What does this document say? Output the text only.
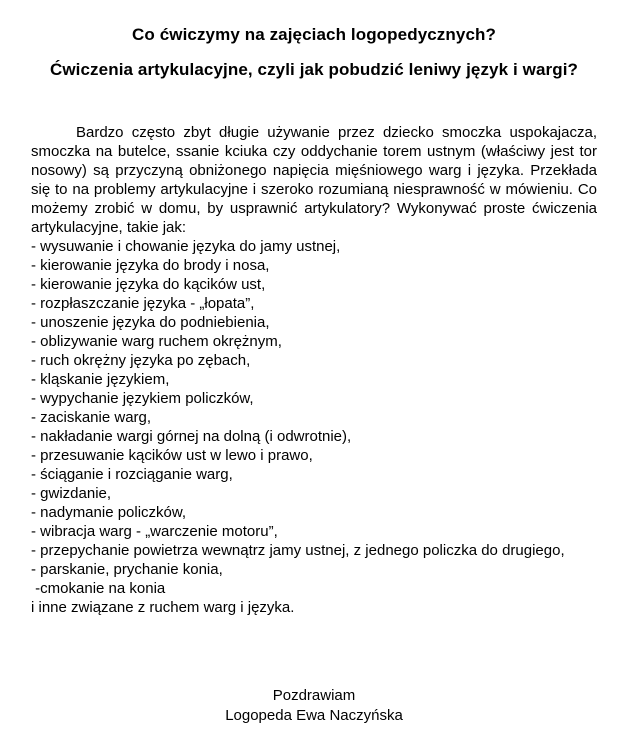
Co ćwiczymy na zajęciach logopedycznych?
Ćwiczenia artykulacyjne, czyli jak pobudzić leniwy język i wargi?

Bardzo często zbyt długie używanie przez dziecko smoczka uspokajacza, smoczka na butelce, ssanie kciuka czy oddychanie torem ustnym (właściwy jest tor nosowy) są przyczyną obniżonego napięcia mięśniowego warg i języka. Przekłada się to na problemy artykulacyjne i szeroko rozumianą niesprawność w mówieniu. Co możemy zrobić w domu, by usprawnić artykulatory? Wykonywać proste ćwiczenia artykulacyjne, takie jak:

- wysuwanie i chowanie języka do jamy ustnej,
- kierowanie języka do brody i nosa,
- kierowanie języka do kącików ust,
- rozpłaszczanie języka - „łopata”,
- unoszenie języka do podniebienia,
- oblizywanie warg ruchem okrężnym,
- ruch okrężny języka po zębach,
- kląskanie językiem,
- wypychanie językiem policzków,
- zaciskanie warg,
- nakładanie wargi górnej na dolną (i odwrotnie),
- przesuwanie kącików ust w lewo i prawo,
- ściąganie i rozciąganie warg,
- gwizdanie,
- nadymanie policzków,
- wibracja warg - „warczenie motoru”,
- przepychanie powietrza wewnątrz jamy ustnej, z jednego policzka do drugiego,
- parskanie, prychanie konia,
-cmokanie na konia

i inne związane z ruchem warg i języka.

Pozdrawiam

Logopeda Ewa Naczyńska
